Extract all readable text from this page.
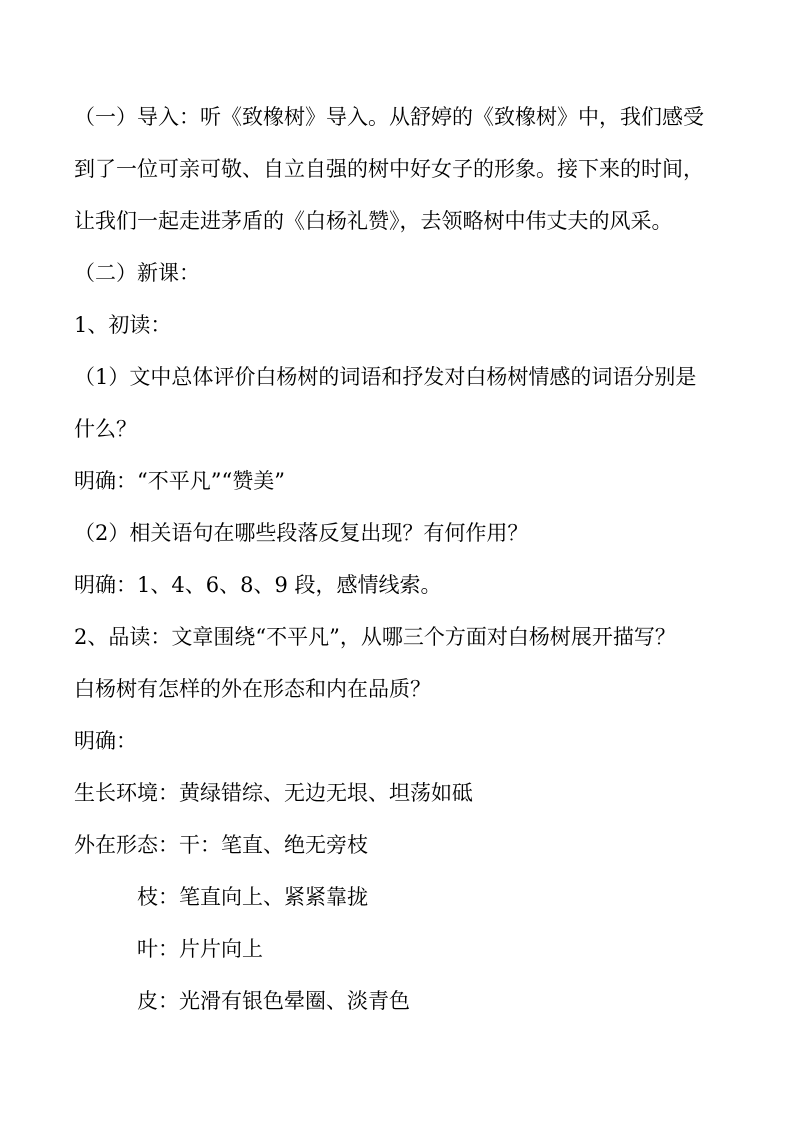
（一）导入：听《致橡树》导入。从舒婷的《致橡树》中，我们感受
到了一位可亲可敬、自立自强的树中好女子的形象。接下来的时间，
让我们一起走进茅盾的《白杨礼赞》，去领略树中伟丈夫的风采。
（二）新课：
1、初读：
（1）文中总体评价白杨树的词语和抒发对白杨树情感的词语分别是
什么？
明确：“不平凡”“赞美”
（2）相关语句在哪些段落反复出现？有何作用？
明确：1、4、6、8、9 段，感情线索。
2、品读：文章围绕“不平凡”，从哪三个方面对白杨树展开描写？
白杨树有怎样的外在形态和内在品质？
明确：
生长环境：黄绿错综、无边无垠、坦荡如砥
外在形态：干：笔直、绝无旁枝
枝：笔直向上、紧紧靠拢
叶：片片向上
皮：光滑有银色晕圈、淡青色
